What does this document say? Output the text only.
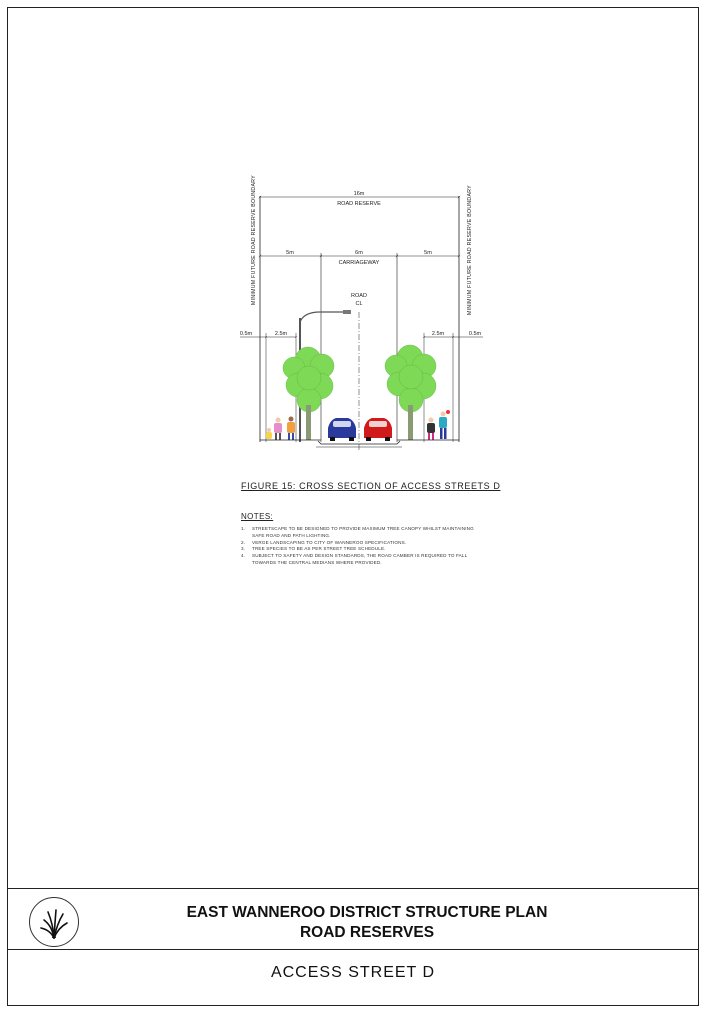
16m
ROAD RESERVE
5m	6m
CARRIAGEWAY
5m
ROAD
CL
MINIMUM FUTURE ROAD RESERVE BOUNDARY	MINIMUM FUTURE ROAD RESERVE BOUNDARY
0.5m	2.5m	2.5m	0.5m
FIGURE 15: CROSS SECTION OF ACCESS STREETS D
NOTES:
1.	STREETSCAPE TO BE DESIGNED TO PROVIDE MAXIMUM TREE CANOPY WHILST MAINTAINING SAFE ROAD AND PATH LIGHTING.
2.	VERGE LANDSCAPING TO CITY OF WANNEROO SPECIFICATIONS.
3.	TREE SPECIES TO BE AS PER STREET TREE SCHEDULE.
4.	SUBJECT TO SAFETY AND DESIGN STANDARDS, THE ROAD CAMBER IS REQUIRED TO FALL TOWARDS THE CENTRAL MEDIANS WHERE PROVIDED.
EAST WANNEROO DISTRICT STRUCTURE PLAN
ROAD RESERVES
ACCESS STREET D
